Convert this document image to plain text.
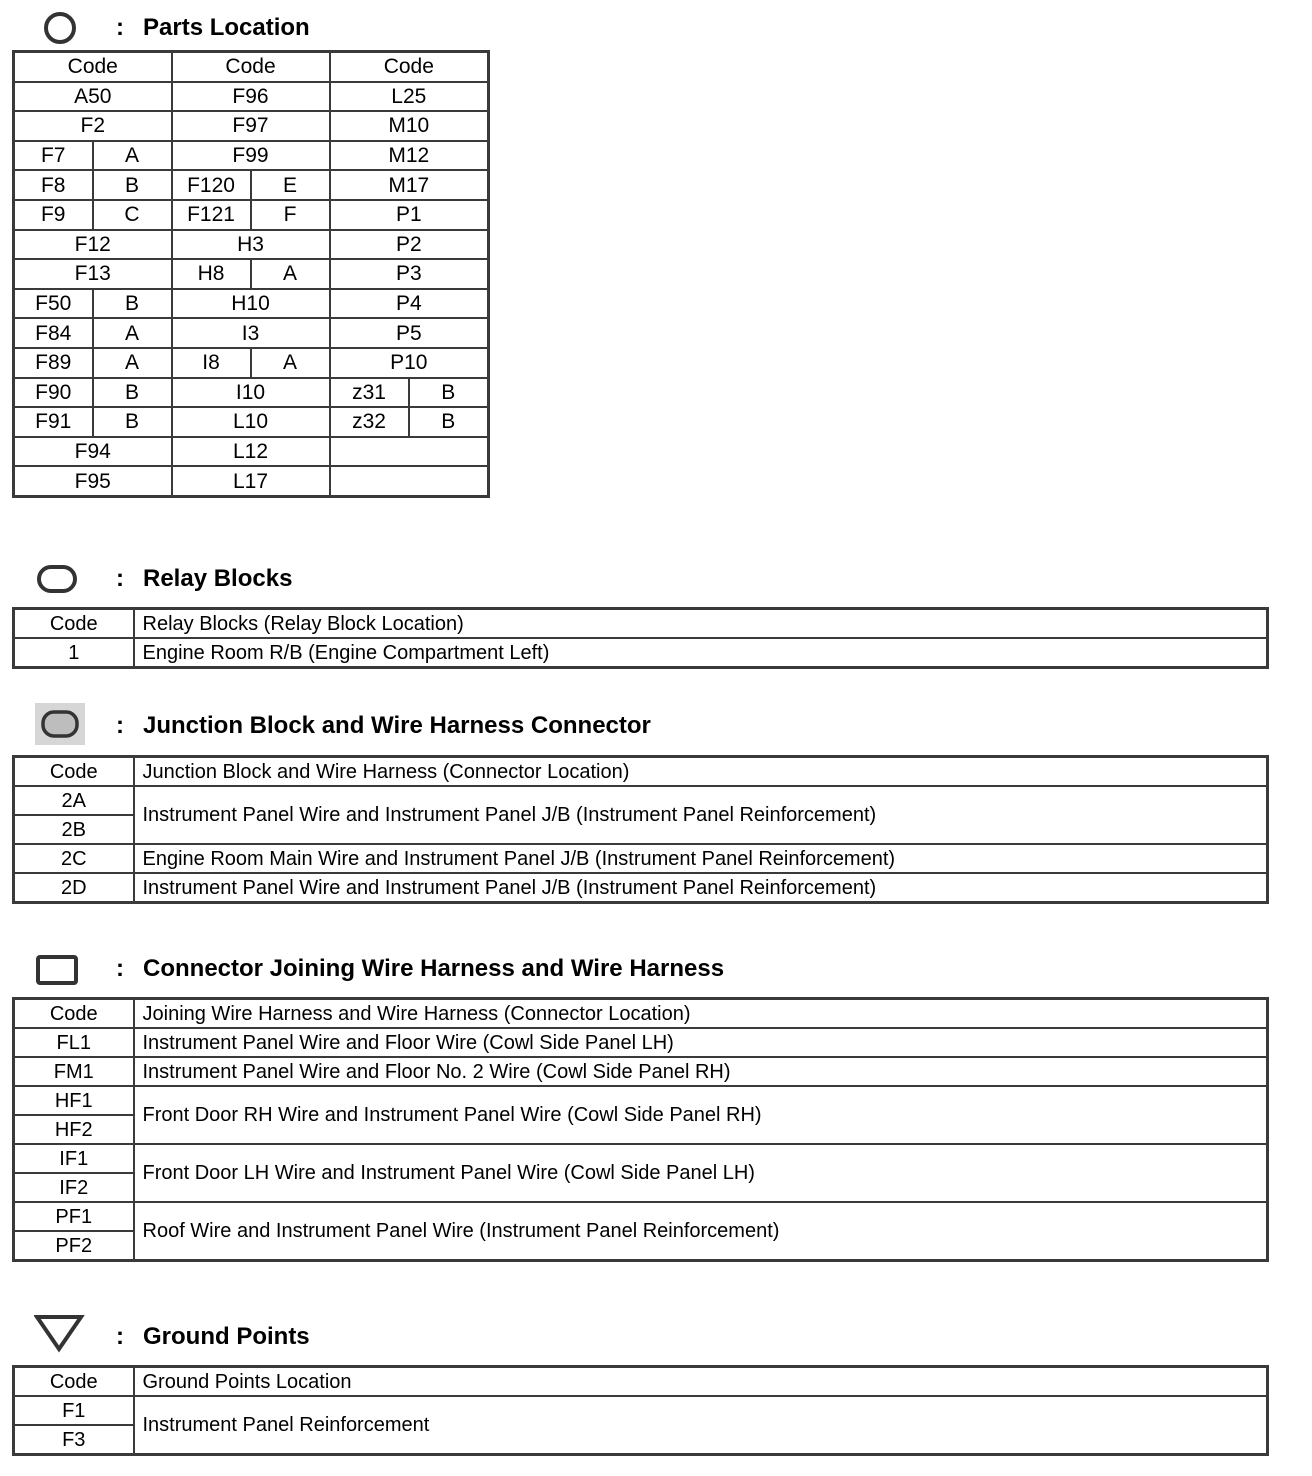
: Parts Location
Code		Code		Code	
A50		F96		L25	
F2		F97		M10	
F7	A	F99		M12	
F8	B	F120	E	M17	
F9	C	F121	F	P1	
F12		H3		P2	
F13		H8	A	P3	
F50	B	H10		P4	
F84	A	I3		P5	
F89	A	I8	A	P10	
F90	B	I10		z31	B
F91	B	L10		z32	B
F94		L12			
F95		L17			
: Relay Blocks
Code	Relay Blocks (Relay Block Location)
1	Engine Room R/B (Engine Compartment Left)
: Junction Block and Wire Harness Connector
Code	Junction Block and Wire Harness (Connector Location)
2A	Instrument Panel Wire and Instrument Panel J/B (Instrument Panel Reinforcement)
2B	
2C	Engine Room Main Wire and Instrument Panel J/B (Instrument Panel Reinforcement)
2D	Instrument Panel Wire and Instrument Panel J/B (Instrument Panel Reinforcement)
: Connector Joining Wire Harness and Wire Harness
Code	Joining Wire Harness and Wire Harness (Connector Location)
FL1	Instrument Panel Wire and Floor Wire (Cowl Side Panel LH)
FM1	Instrument Panel Wire and Floor No. 2 Wire (Cowl Side Panel RH)
HF1	Front Door RH Wire and Instrument Panel Wire (Cowl Side Panel RH)
HF2	
IF1	Front Door LH Wire and Instrument Panel Wire (Cowl Side Panel LH)
IF2	
PF1	Roof Wire and Instrument Panel Wire (Instrument Panel Reinforcement)
PF2	
: Ground Points
Code	Ground Points Location
F1	Instrument Panel Reinforcement
F3	
